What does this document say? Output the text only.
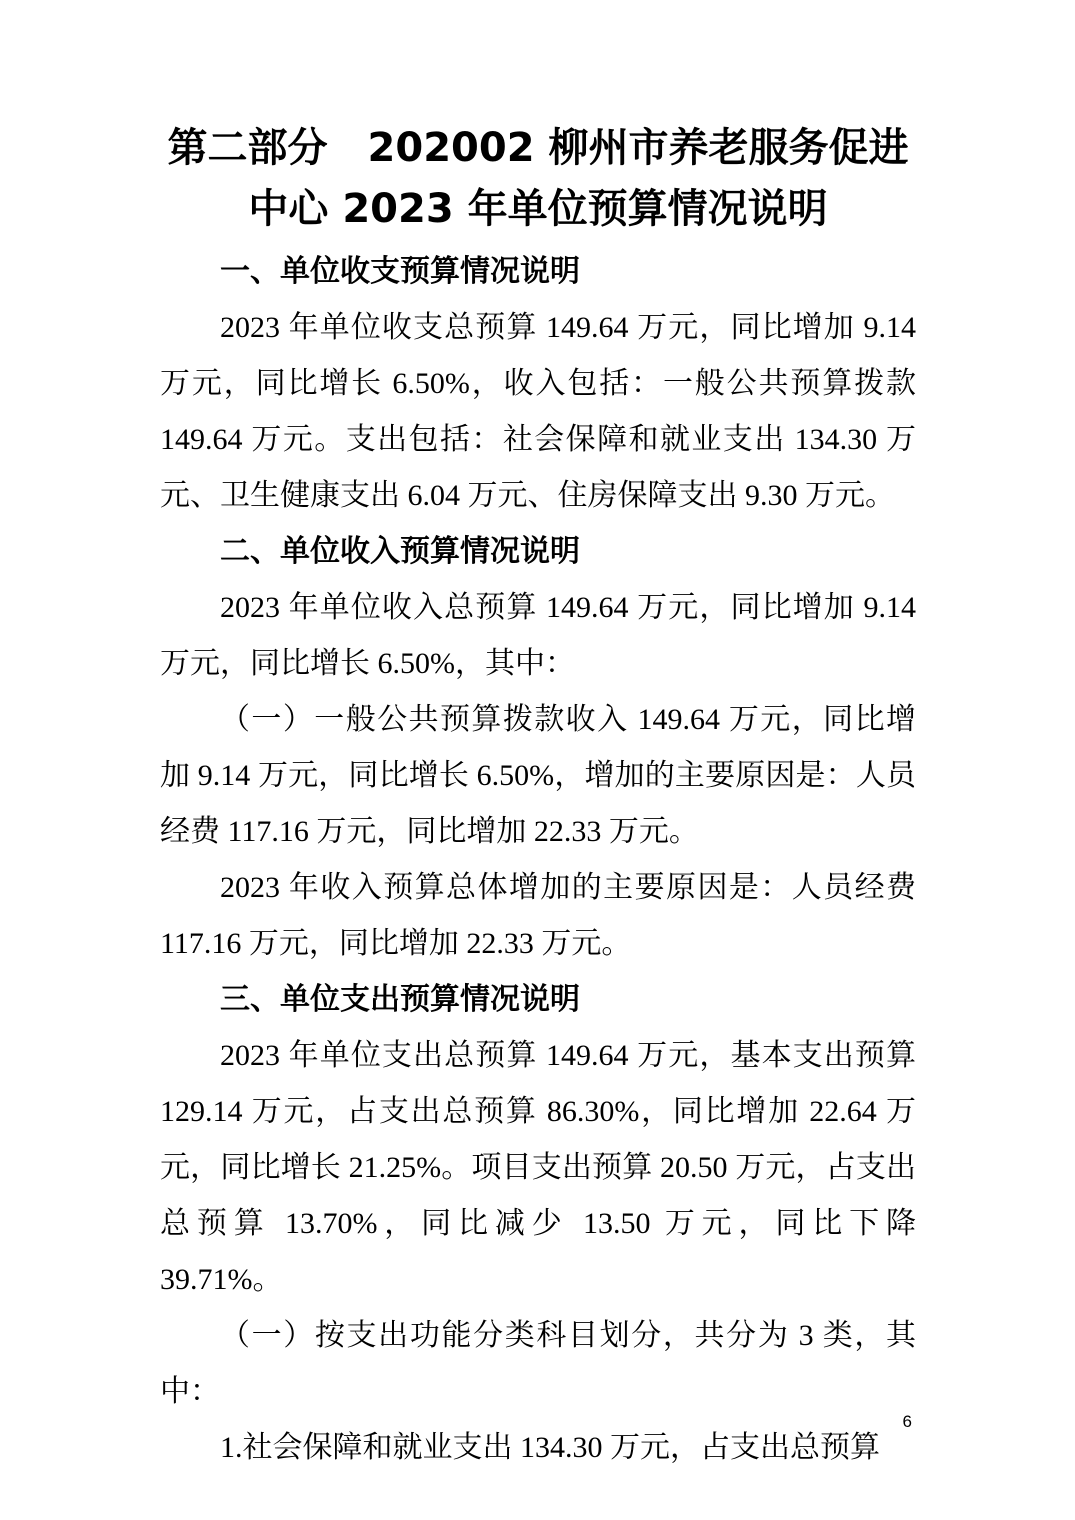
第二部分　202002 柳州市养老服务促进中心 2023 年单位预算情况说明
一、单位收支预算情况说明

2023 年单位收支总预算 149.64 万元，同比增加 9.14 万元，同比增长 6.50%，收入包括：一般公共预算拨款 149.64 万元。支出包括：社会保障和就业支出 134.30 万元、卫生健康支出 6.04 万元、住房保障支出 9.30 万元。

二、单位收入预算情况说明

2023 年单位收入总预算 149.64 万元，同比增加 9.14 万元，同比增长 6.50%，其中：

（一）一般公共预算拨款收入 149.64 万元，同比增加 9.14 万元，同比增长 6.50%，增加的主要原因是：人员经费 117.16 万元，同比增加 22.33 万元。

2023 年收入预算总体增加的主要原因是：人员经费 117.16 万元，同比增加 22.33 万元。

三、单位支出预算情况说明

2023 年单位支出总预算 149.64 万元，基本支出预算 129.14 万元，占支出总预算 86.30%，同比增加 22.64 万元，同比增长 21.25%。项目支出预算 20.50 万元，占支出总预算 13.70%，同比减少 13.50 万元，同比下降 39.71%。

（一）按支出功能分类科目划分，共分为 3 类，其中：

1.社会保障和就业支出 134.30 万元，占支出总预算

6
